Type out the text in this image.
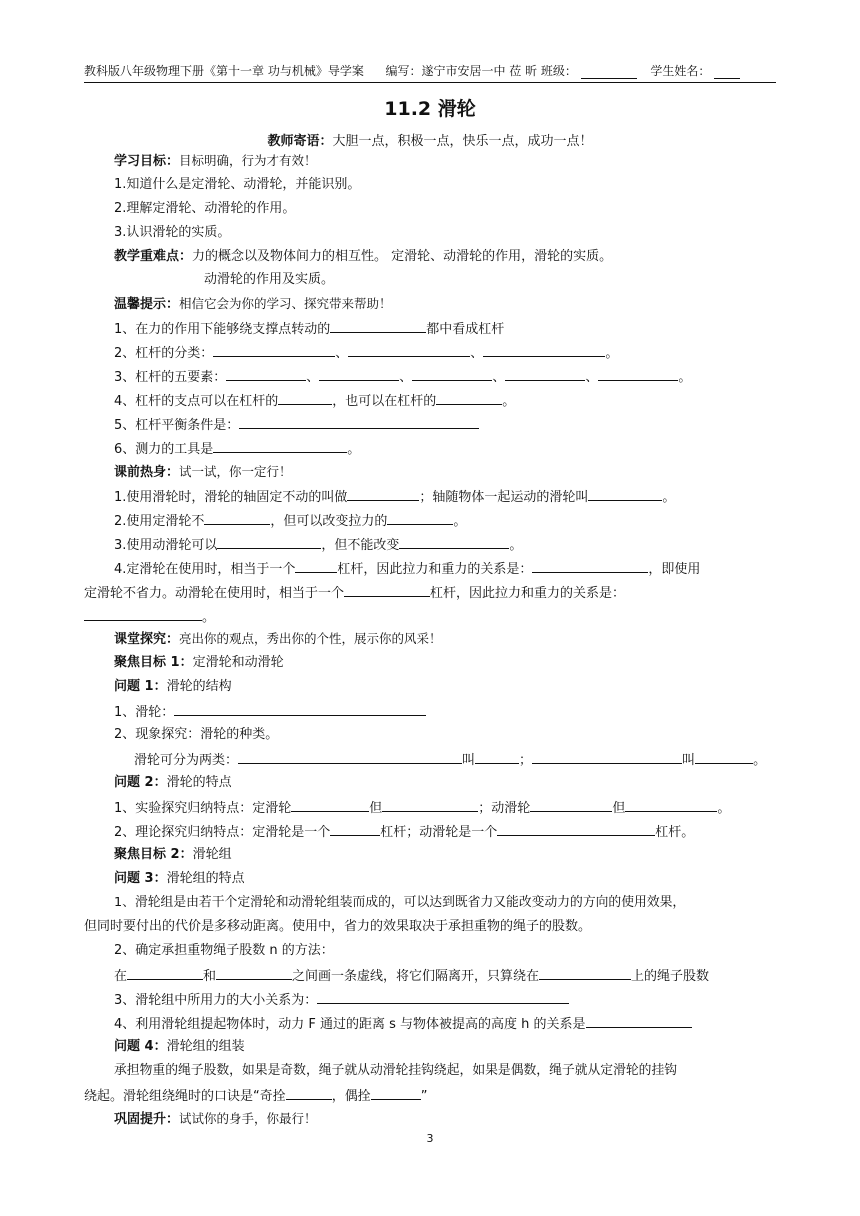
教科版八年级物理下册《第十一章 功与机械》导学案 编写：遂宁市安居一中 莅 昕 班级：	学生姓名：
11.2 滑轮
教师寄语：大胆一点，积极一点，快乐一点，成功一点！
学习目标：目标明确，行为才有效！
1.知道什么是定滑轮、动滑轮，并能识别。
2.理解定滑轮、动滑轮的作用。
3.认识滑轮的实质。
教学重难点：力的概念以及物体间力的相互性。 定滑轮、动滑轮的作用，滑轮的实质。
动滑轮的作用及实质。
温馨提示：相信它会为你的学习、探究带来帮助！
1、在力的作用下能够绕支撑点转动的	都中看成杠杆
2、杠杆的分类：	、	、	。
3、杠杆的五要素：	、	、	、	、	。
4、杠杆的支点可以在杠杆的	，也可以在杠杆的	。
5、杠杆平衡条件是：
6、测力的工具是	。
课前热身：试一试，你一定行！
1.使用滑轮时，滑轮的轴固定不动的叫做	；轴随物体一起运动的滑轮叫	。
2.使用定滑轮不	，但可以改变拉力的	。
3.使用动滑轮可以	，但不能改变	。
4.定滑轮在使用时，相当于一个	杠杆，因此拉力和重力的关系是：	，即使用
定滑轮不省力。动滑轮在使用时，相当于一个	杠杆，因此拉力和重力的关系是：
。
课堂探究：亮出你的观点，秀出你的个性，展示你的风采！
聚焦目标 1：定滑轮和动滑轮
问题 1：滑轮的结构
1、滑轮：
2、现象探究：滑轮的种类。
滑轮可分为两类：	叫	；	叫	。
问题 2：滑轮的特点
1、实验探究归纳特点：定滑轮	但	；动滑轮	但	。
2、理论探究归纳特点：定滑轮是一个	杠杆；动滑轮是一个	杠杆。
聚焦目标 2：滑轮组
问题 3：滑轮组的特点
1、滑轮组是由若干个定滑轮和动滑轮组装而成的，可以达到既省力又能改变动力的方向的使用效果，
但同时要付出的代价是多移动距离。使用中，省力的效果取决于承担重物的绳子的股数。
2、确定承担重物绳子股数 n 的方法：
在	和	之间画一条虚线，将它们隔离开，只算绕在	上的绳子股数
3、滑轮组中所用力的大小关系为：
4、利用滑轮组提起物体时，动力 F 通过的距离 s 与物体被提高的高度 h 的关系是
问题 4：滑轮组的组装
承担物重的绳子股数，如果是奇数，绳子就从动滑轮挂钩绕起，如果是偶数，绳子就从定滑轮的挂钩
绕起。滑轮组绕绳时的口诀是“奇拴	，偶拴	”
巩固提升：试试你的身手，你最行！
3
